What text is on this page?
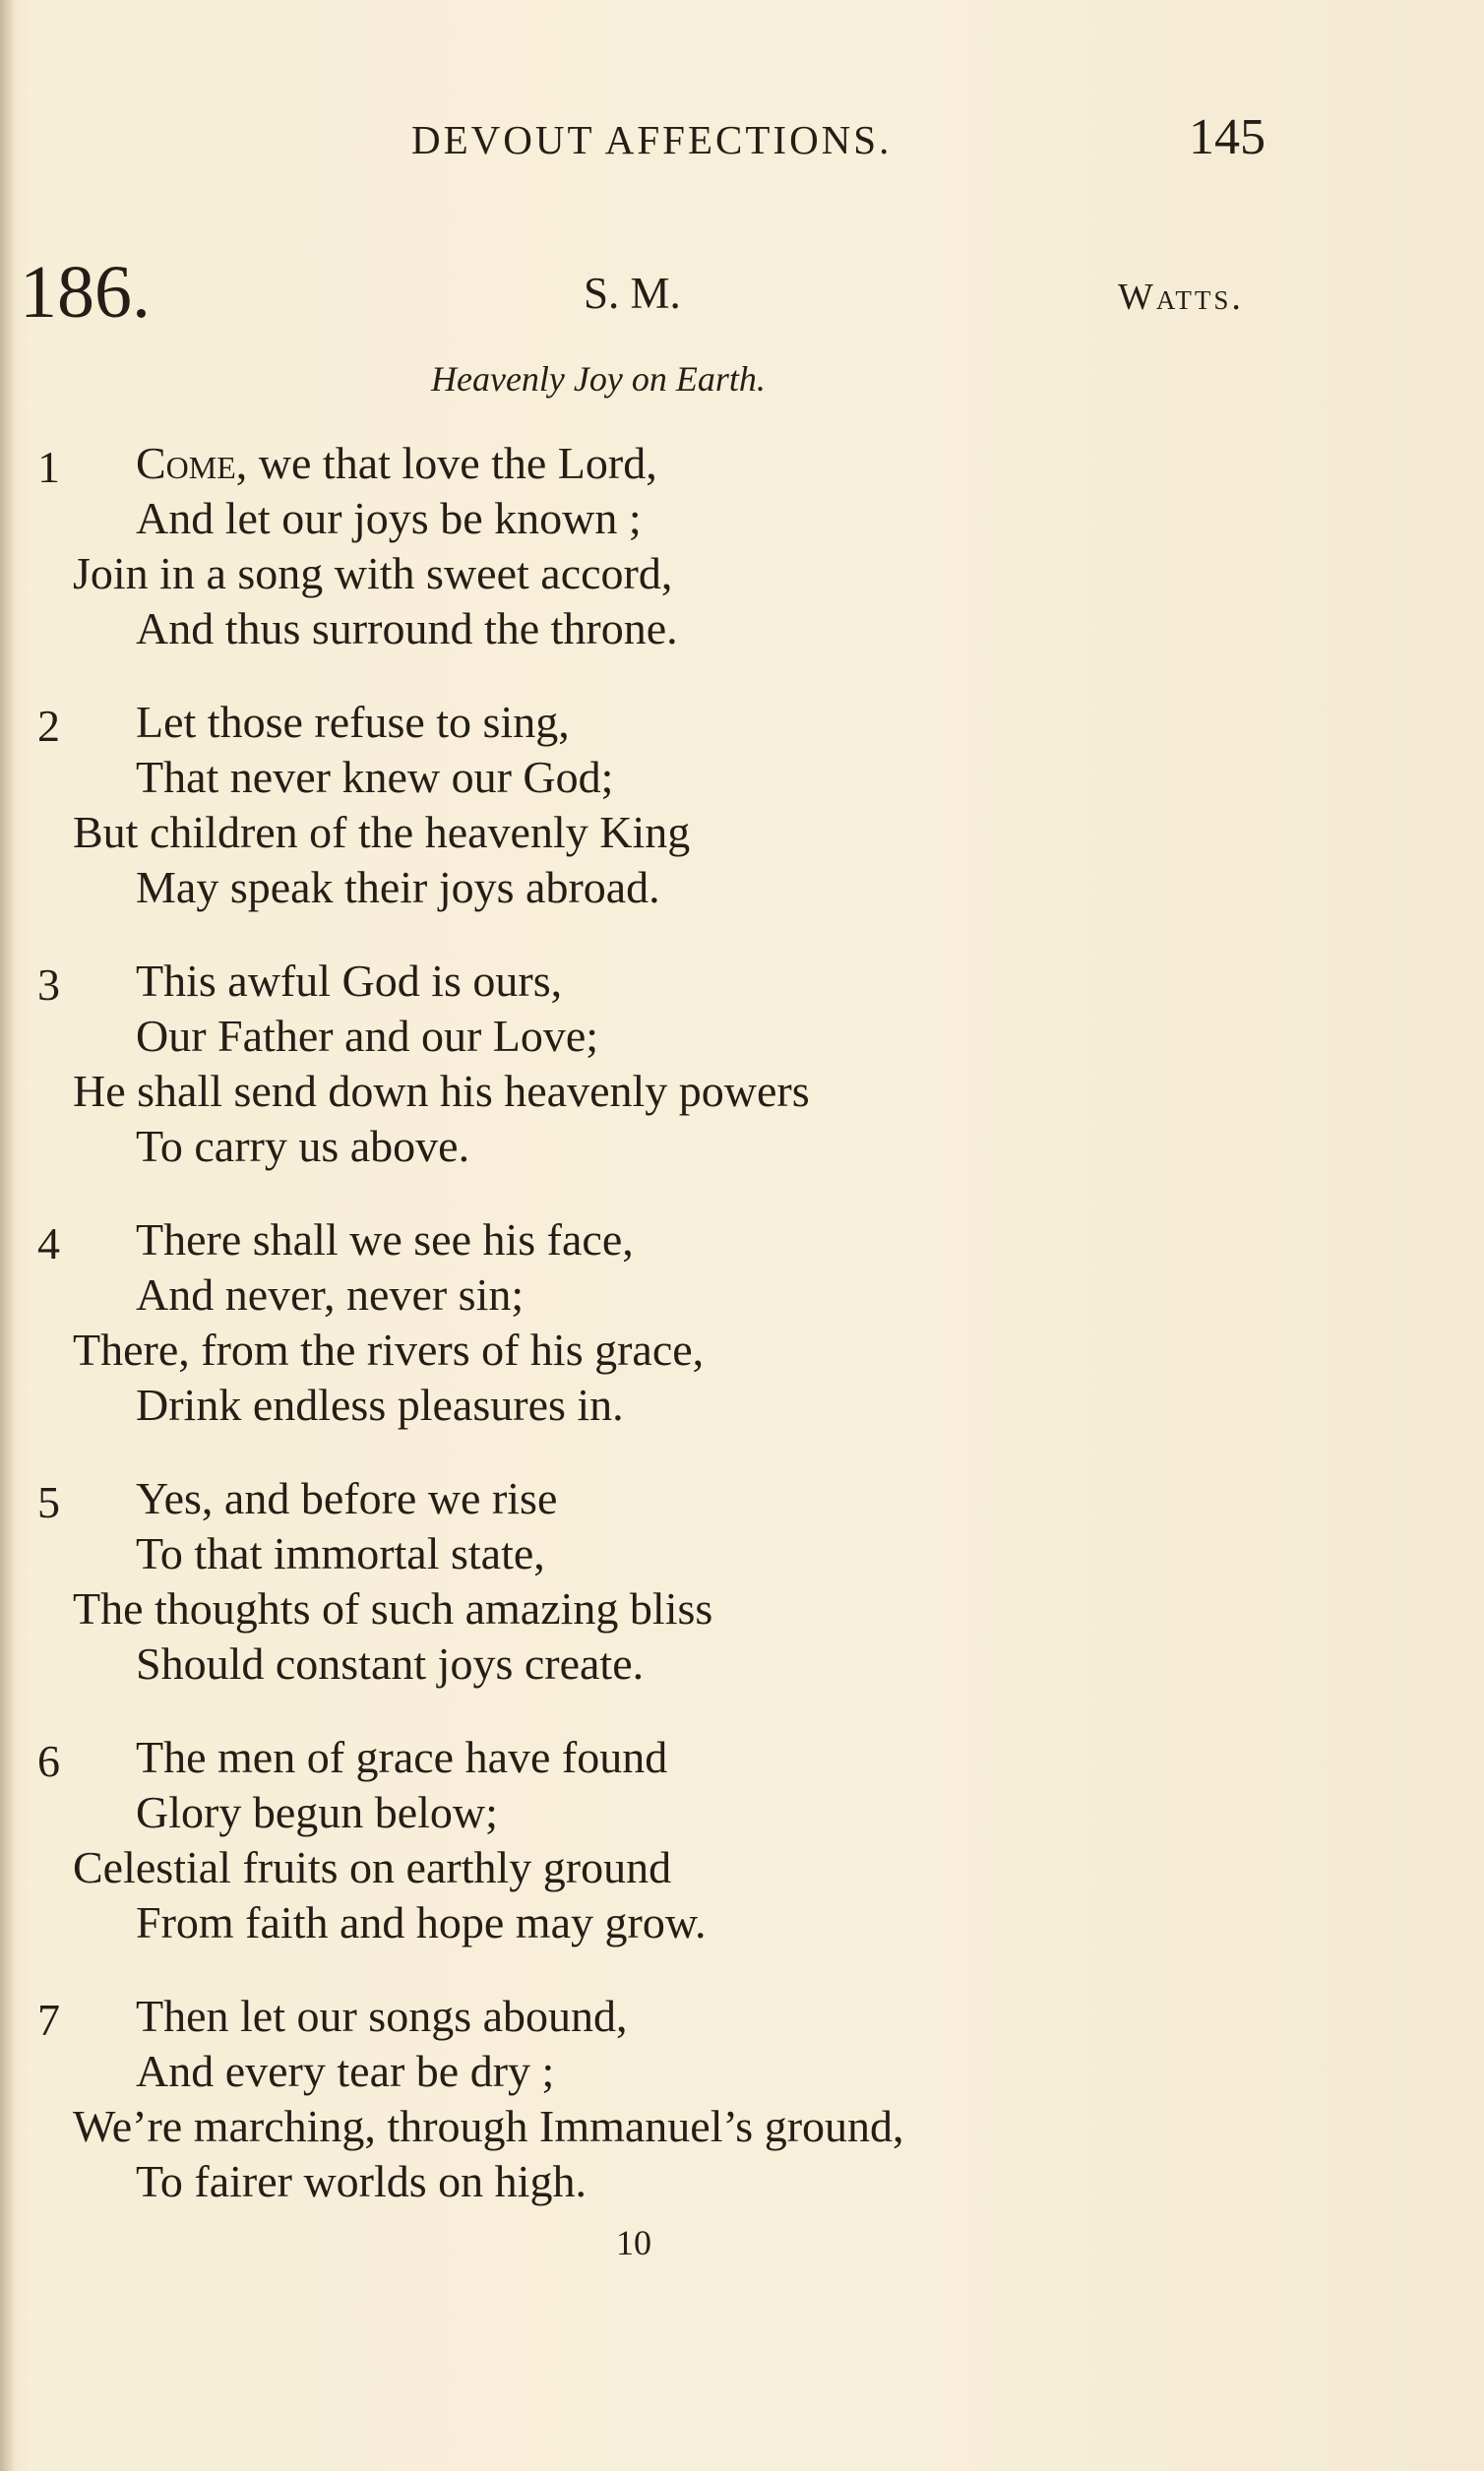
DEVOUT AFFECTIONS.	145
186.	S. M.	Watts.
Heavenly Joy on Earth.
1 Come, we that love the Lord,
And let our joys be known ;
Join in a song with sweet accord,
And thus surround the throne.
2 Let those refuse to sing,
That never knew our God;
But children of the heavenly King
May speak their joys abroad.
3 This awful God is ours,
Our Father and our Love;
He shall send down his heavenly powers
To carry us above.
4 There shall we see his face,
And never, never sin;
There, from the rivers of his grace,
Drink endless pleasures in.
5 Yes, and before we rise
To that immortal state,
The thoughts of such amazing bliss
Should constant joys create.
6 The men of grace have found
Glory begun below;
Celestial fruits on earthly ground
From faith and hope may grow.
7 Then let our songs abound,
And every tear be dry ;
We’re marching, through Immanuel’s ground,
To fairer worlds on high.
10
